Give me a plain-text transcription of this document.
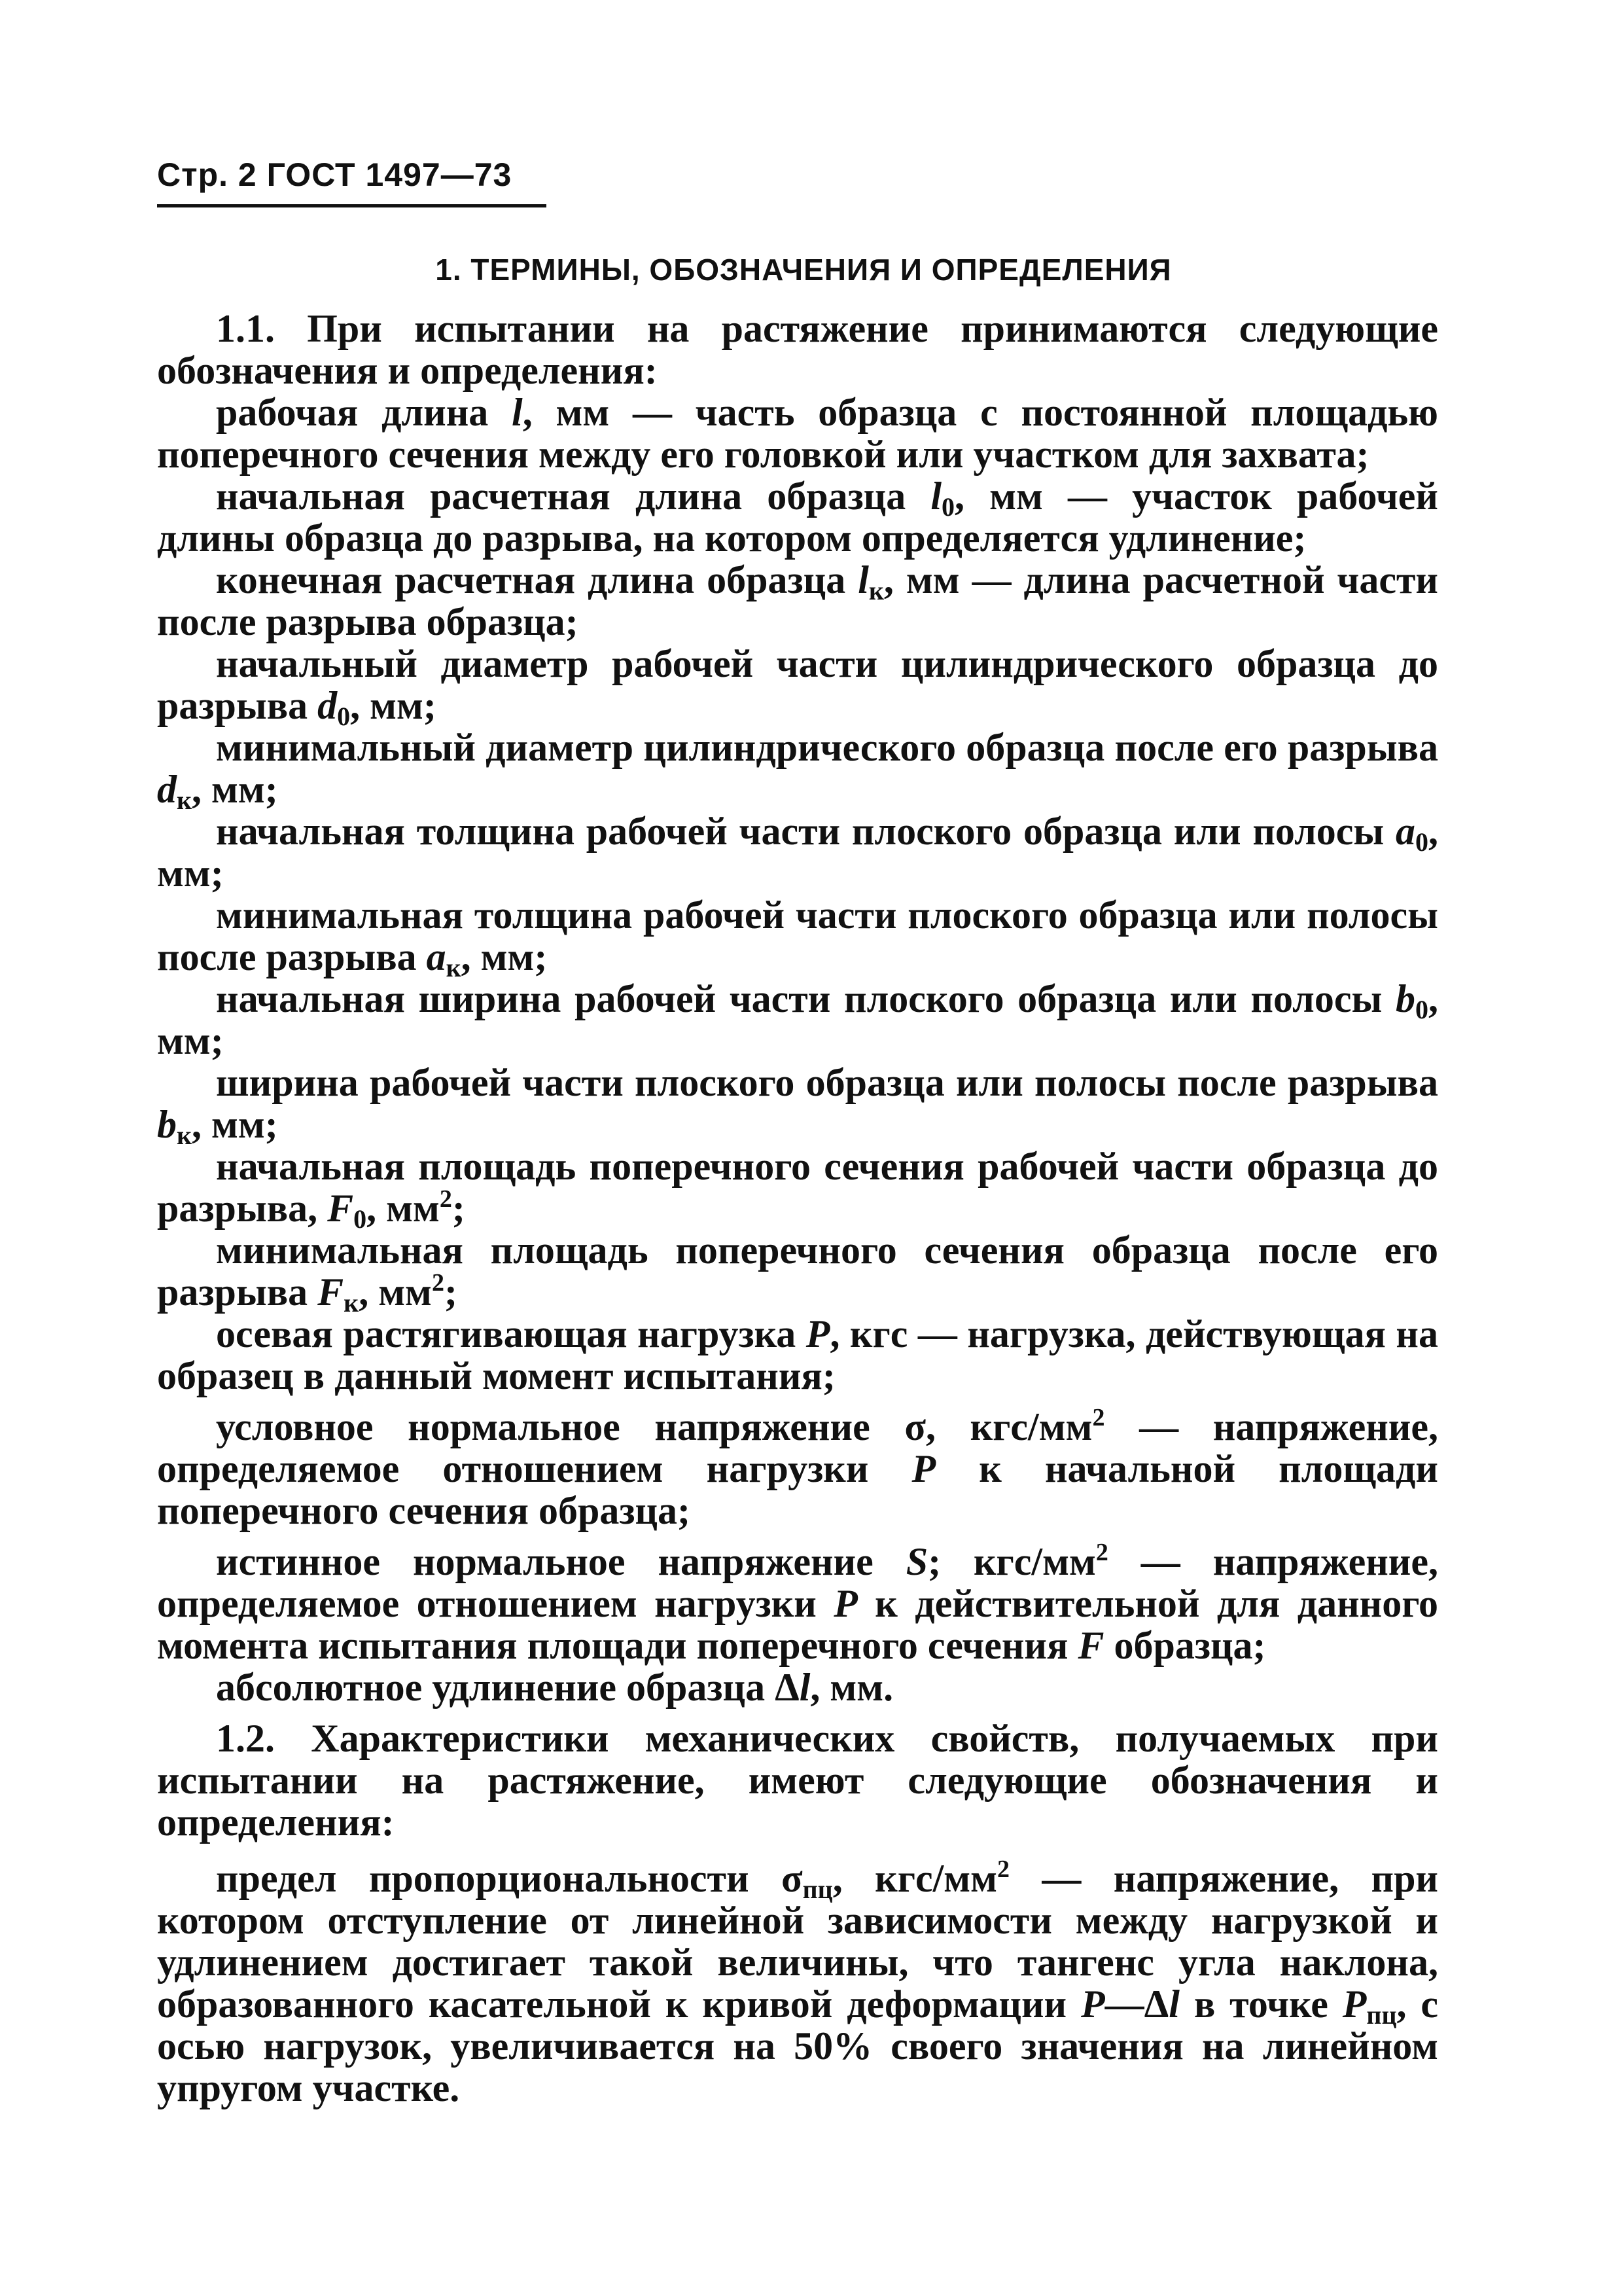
Стр. 2 ГОСТ 1497—73
1. ТЕРМИНЫ, ОБОЗНАЧЕНИЯ И ОПРЕДЕЛЕНИЯ

1.1. При испытании на растяжение принимаются следующие обозначения и определения:

рабочая длина l, мм — часть образца с постоянной площадью поперечного сечения между его головкой или участком для захвата;

начальная расчетная длина образца $l_0$, мм — участок рабочей длины образца до разрыва, на котором определяется удлинение;

конечная расчетная длина образца $l_к$, мм — длина расчетной части после разрыва образца;

начальный диаметр рабочей части цилиндрического образца до разрыва $d_0$, мм;

минимальный диаметр цилиндрического образца после его разрыва $d_к$, мм;

начальная толщина рабочей части плоского образца или полосы $a_0$, мм;

минимальная толщина рабочей части плоского образца или полосы после разрыва $a_к$, мм;

начальная ширина рабочей части плоского образца или полосы $b_0$, мм;

ширина рабочей части плоского образца или полосы после разрыва $b_к$, мм;

начальная площадь поперечного сечения рабочей части образца до разрыва, $F_0$, $мм^2$;

минимальная площадь поперечного сечения образца после его разрыва $F_к$, $мм^2$;

осевая растягивающая нагрузка P, кгс — нагрузка, действующая на образец в данный момент испытания;

условное нормальное напряжение σ, кгс/$мм^2$ — напряжение, определяемое отношением нагрузки P к начальной площади поперечного сечения образца;

истинное нормальное напряжение S; кгс/$мм^2$ — напряжение, определяемое отношением нагрузки P к действительной для данного момента испытания площади поперечного сечения F образца;

абсолютное удлинение образца Δl, мм.

1.2. Характеристики механических свойств, получаемых при испытании на растяжение, имеют следующие обозначения и определения:

предел пропорциональности $\sigma_{пц}$, кгс/$мм^2$ — напряжение, при котором отступление от линейной зависимости между нагрузкой и удлинением достигает такой величины, что тангенс угла наклона, образованного касательной к кривой деформации P—Δl в точке $P_{пц}$, с осью нагрузок, увеличивается на 50% своего значения на линейном упругом участке.
